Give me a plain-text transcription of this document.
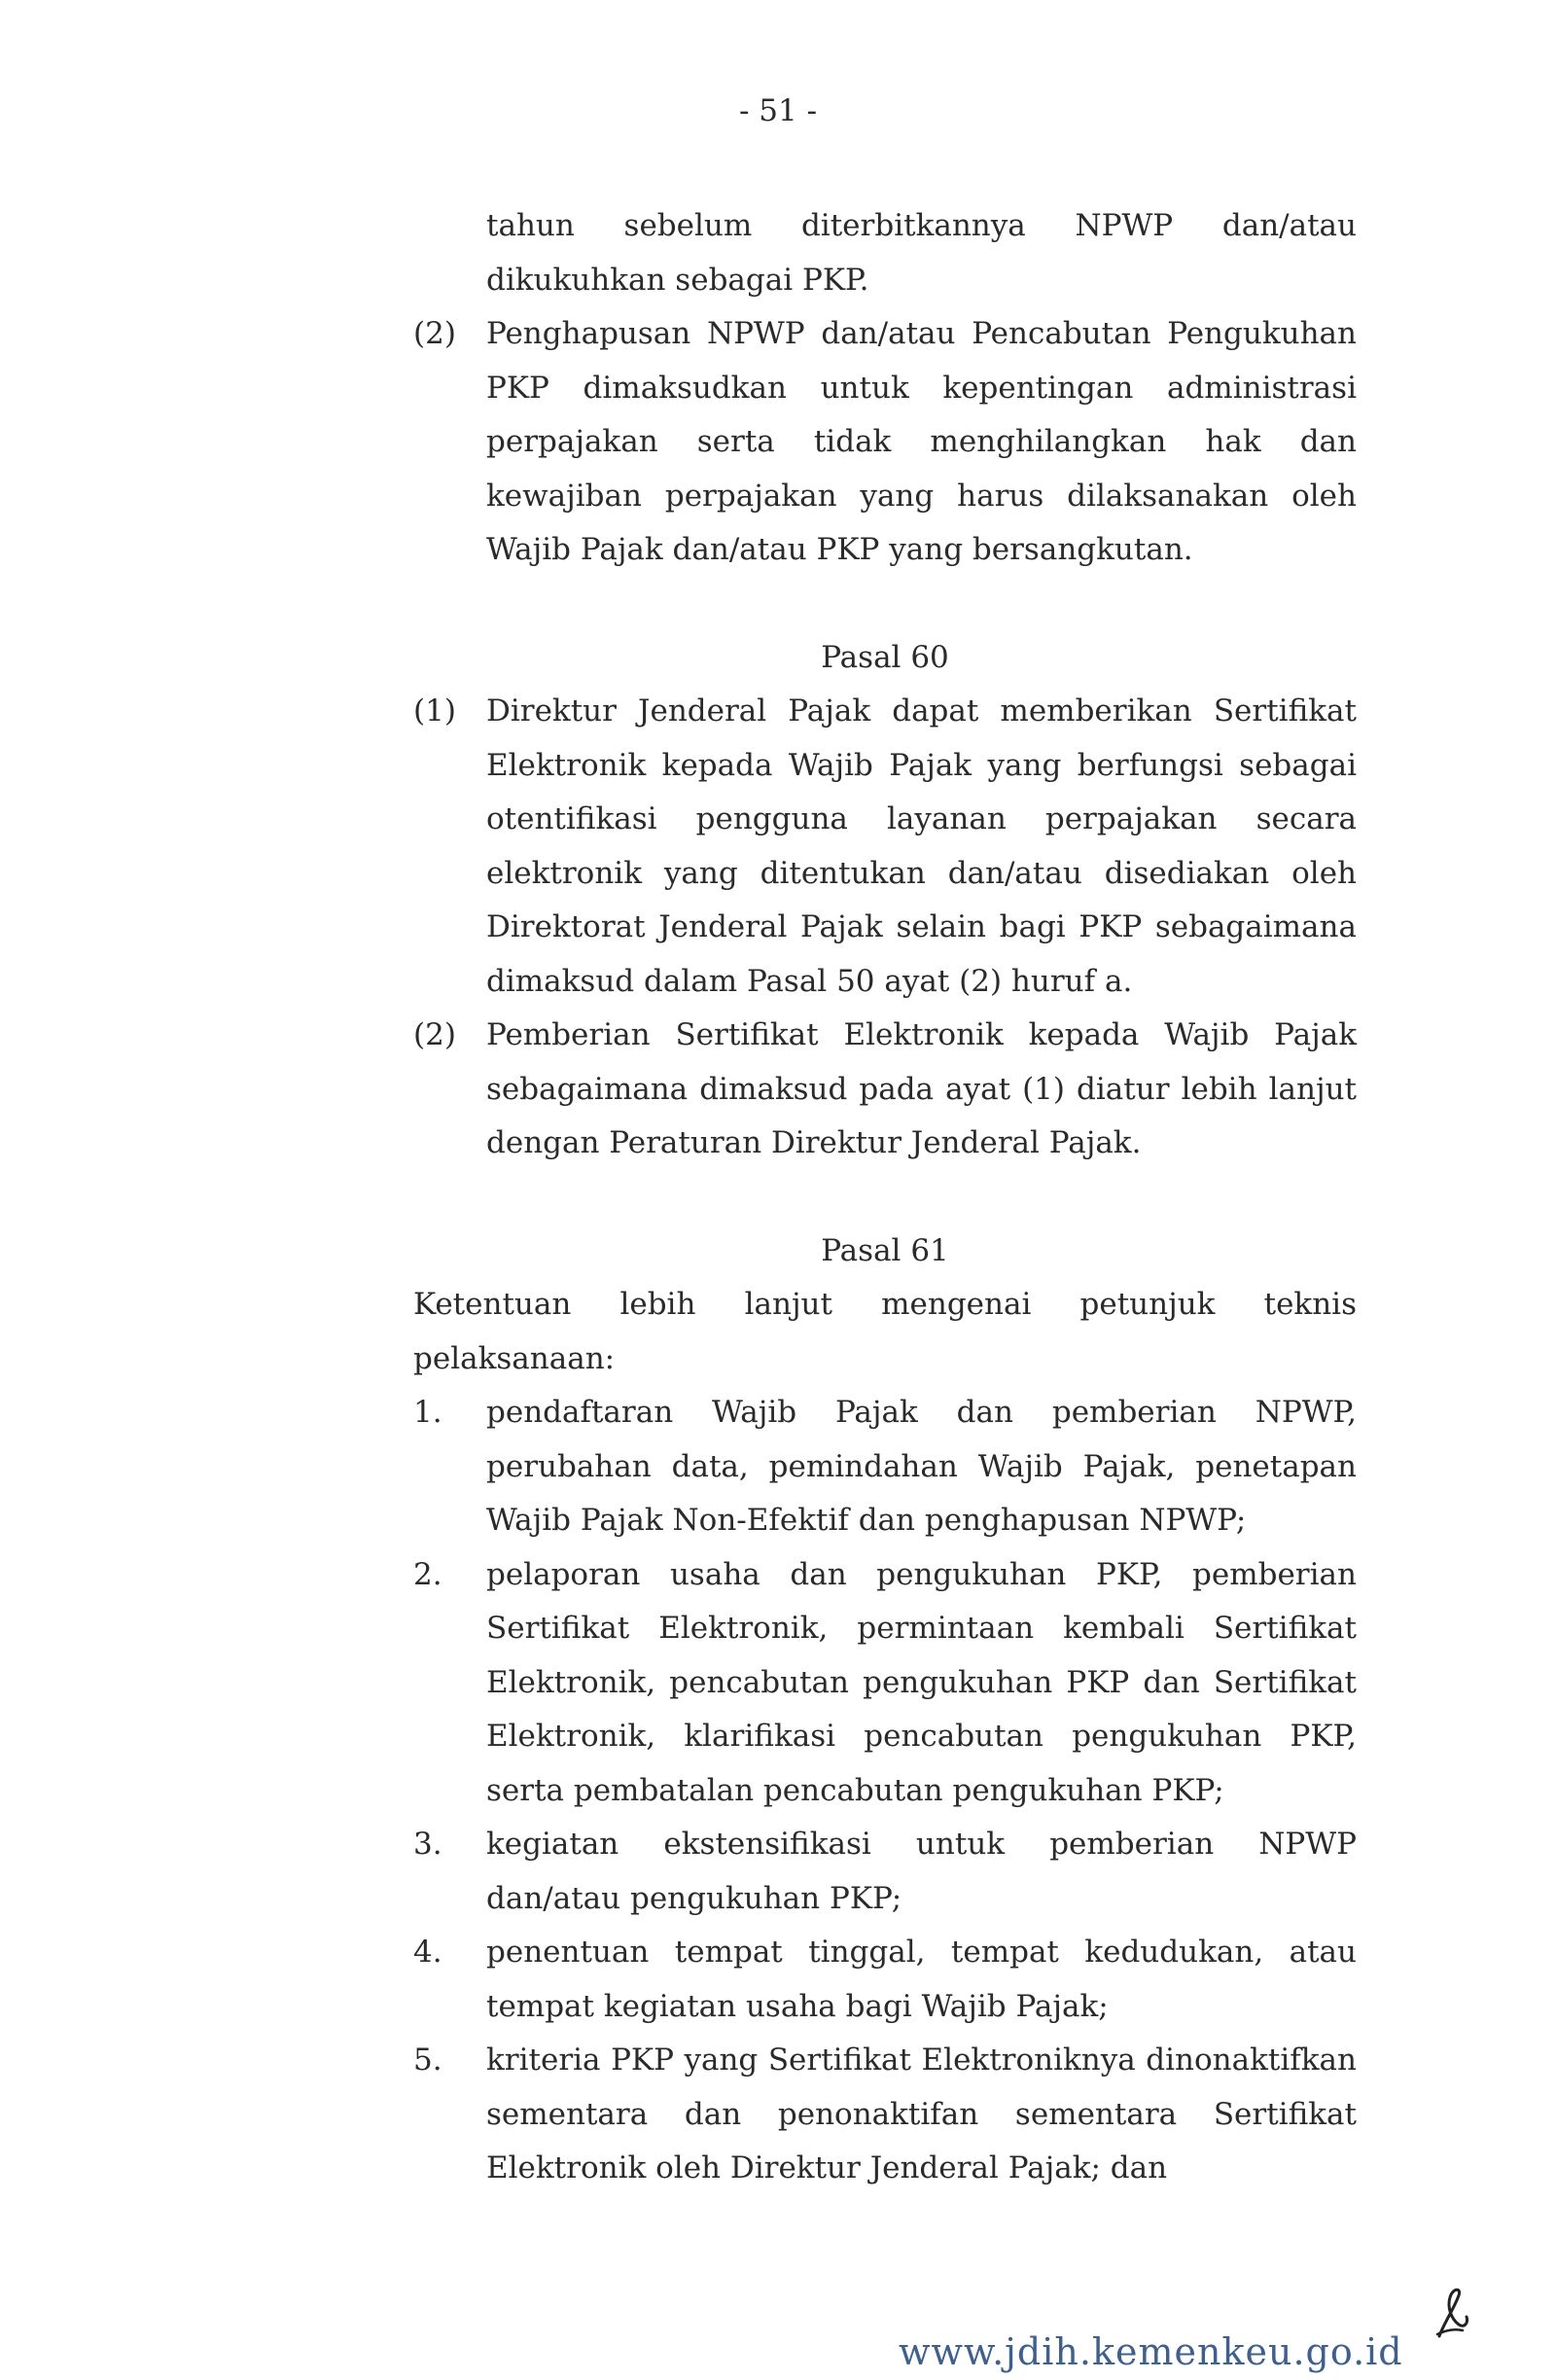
- 51 -
tahun sebelum diterbitkannya NPWP dan/atau dikukuhkan sebagai PKP.
(2)	Penghapusan NPWP dan/atau Pencabutan Pengukuhan PKP dimaksudkan untuk kepentingan administrasi perpajakan serta tidak menghilangkan hak dan kewajiban perpajakan yang harus dilaksanakan oleh Wajib Pajak dan/atau PKP yang bersangkutan.
Pasal 60
(1)	Direktur Jenderal Pajak dapat memberikan Sertifikat Elektronik kepada Wajib Pajak yang berfungsi sebagai otentifikasi pengguna layanan perpajakan secara elektronik yang ditentukan dan/atau disediakan oleh Direktorat Jenderal Pajak selain bagi PKP sebagaimana dimaksud dalam Pasal 50 ayat (2) huruf a.
(2)	Pemberian Sertifikat Elektronik kepada Wajib Pajak sebagaimana dimaksud pada ayat (1) diatur lebih lanjut dengan Peraturan Direktur Jenderal Pajak.
Pasal 61
Ketentuan lebih lanjut mengenai petunjuk teknis pelaksanaan:
1.	pendaftaran Wajib Pajak dan pemberian NPWP, perubahan data, pemindahan Wajib Pajak, penetapan Wajib Pajak Non-Efektif dan penghapusan NPWP;
2.	pelaporan usaha dan pengukuhan PKP, pemberian Sertifikat Elektronik, permintaan kembali Sertifikat Elektronik, pencabutan pengukuhan PKP dan Sertifikat Elektronik, klarifikasi pencabutan pengukuhan PKP, serta pembatalan pencabutan pengukuhan PKP;
3.	kegiatan ekstensifikasi untuk pemberian NPWP dan/atau pengukuhan PKP;
4.	penentuan tempat tinggal, tempat kedudukan, atau tempat kegiatan usaha bagi Wajib Pajak;
5.	kriteria PKP yang Sertifikat Elektroniknya dinonaktifkan sementara dan penonaktifan sementara Sertifikat Elektronik oleh Direktur Jenderal Pajak; dan
www.jdih.kemenkeu.go.id
